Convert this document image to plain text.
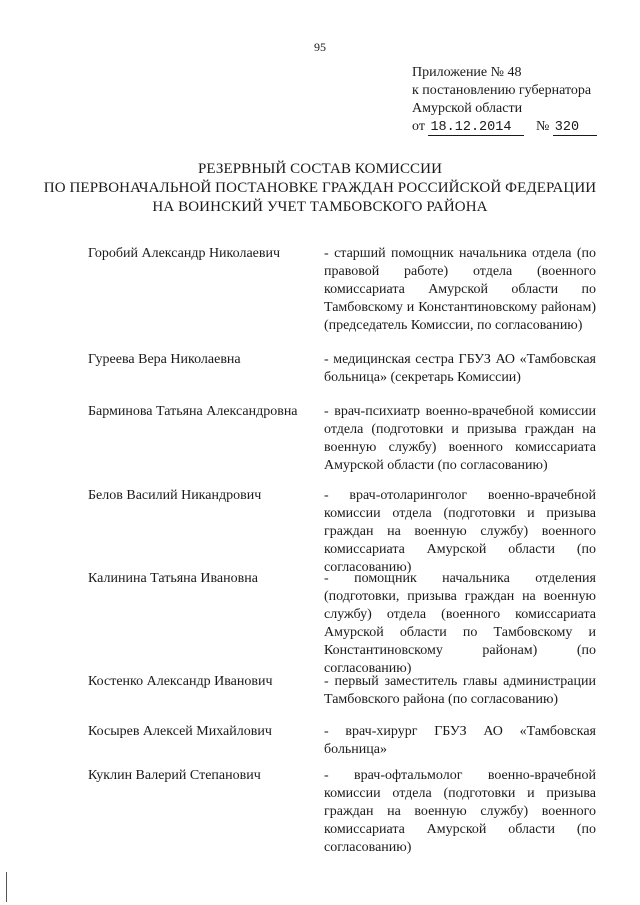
95
Приложение № 48
к постановлению губернатора
Амурской области
от 18.12.2014 № 320
РЕЗЕРВНЫЙ СОСТАВ КОМИССИИ
ПО ПЕРВОНАЧАЛЬНОЙ ПОСТАНОВКЕ ГРАЖДАН РОССИЙСКОЙ ФЕДЕРАЦИИ
НА ВОИНСКИЙ УЧЕТ ТАМБОВСКОГО РАЙОНА
Горобий Александр Николаевич	- старший помощник начальника отдела (по правовой работе) отдела (военного комиссариата Амурской области по Тамбовскому и Константиновскому районам) (председатель Комиссии, по согласованию)
Гуреева Вера Николаевна	- медицинская сестра ГБУЗ АО «Тамбовская больница» (секретарь Комиссии)
Барминова Татьяна Александровна	- врач-психиатр военно-врачебной комиссии отдела (подготовки и призыва граждан на военную службу) военного комиссариата Амурской области (по согласованию)
Белов Василий Никандрович	- врач-отоларинголог военно-врачебной комиссии отдела (подготовки и призыва граждан на военную службу) военного комиссариата Амурской области (по согласованию)
Калинина Татьяна Ивановна	- помощник начальника отделения (подготовки, призыва граждан на военную службу) отдела (военного комиссариата Амурской области по Тамбовскому и Константиновскому районам) (по согласованию)
Костенко Александр Иванович	- первый заместитель главы администрации Тамбовского района (по согласованию)
Косырев Алексей Михайлович	- врач-хирург ГБУЗ АО «Тамбовская больница»
Куклин Валерий Степанович	- врач-офтальмолог военно-врачебной комиссии отдела (подготовки и призыва граждан на военную службу) военного комиссариата Амурской области (по согласованию)
